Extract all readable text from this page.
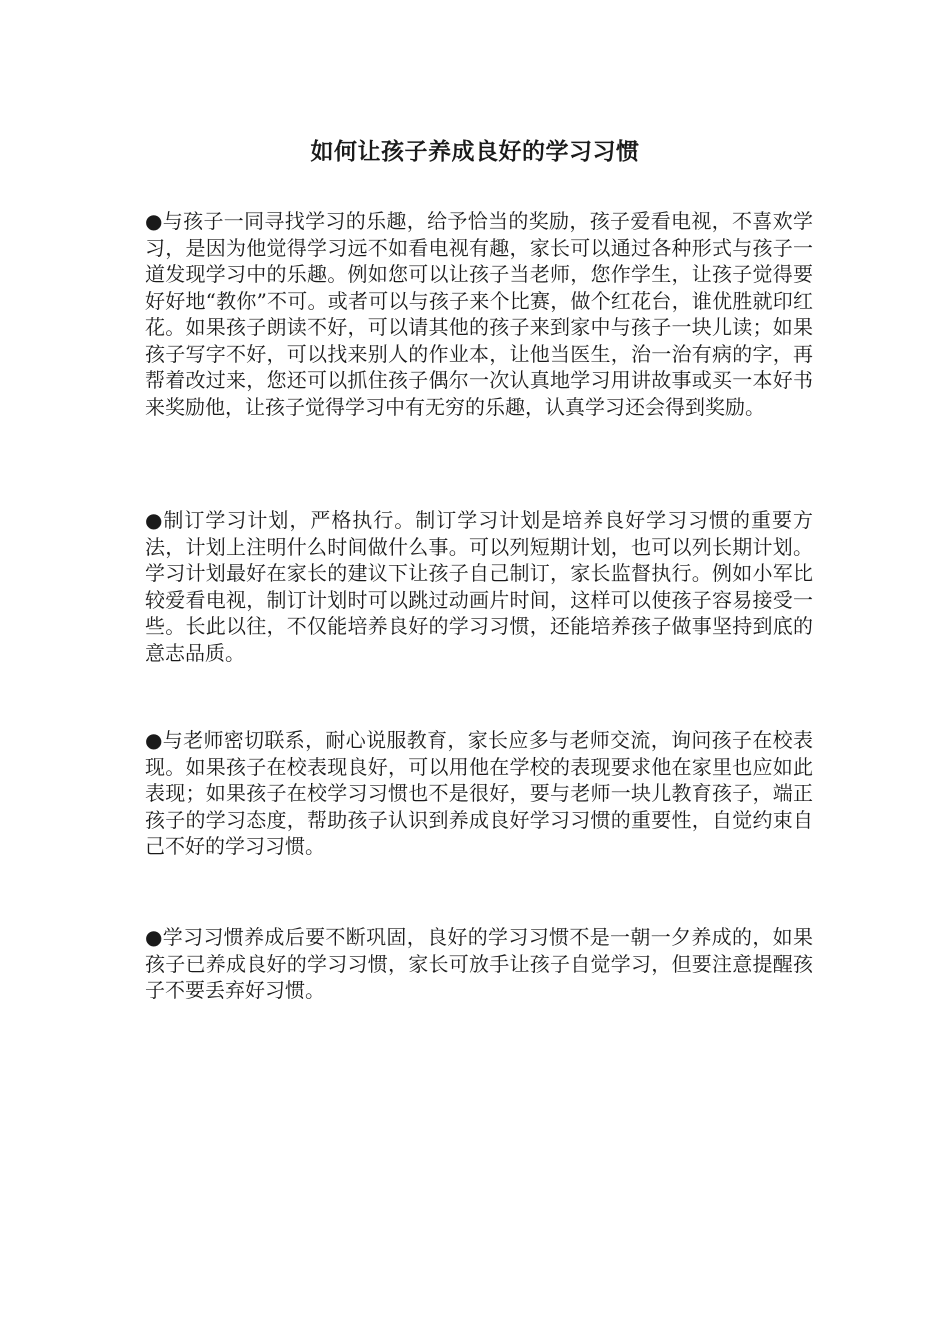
如何让孩子养成良好的学习习惯

●与孩子一同寻找学习的乐趣，给予恰当的奖励，孩子爱看电视，不喜欢学习，是因为他觉得学习远不如看电视有趣，家长可以通过各种形式与孩子一道发现学习中的乐趣。例如您可以让孩子当老师，您作学生，让孩子觉得要好好地“教你”不可。或者可以与孩子来个比赛，做个红花台，谁优胜就印红花。如果孩子朗读不好，可以请其他的孩子来到家中与孩子一块儿读；如果孩子写字不好，可以找来别人的作业本，让他当医生，治一治有病的字，再帮着改过来，您还可以抓住孩子偶尔一次认真地学习用讲故事或买一本好书来奖励他，让孩子觉得学习中有无穷的乐趣，认真学习还会得到奖励。

●制订学习计划，严格执行。制订学习计划是培养良好学习习惯的重要方法，计划上注明什么时间做什么事。可以列短期计划，也可以列长期计划。学习计划最好在家长的建议下让孩子自己制订，家长监督执行。例如小军比较爱看电视，制订计划时可以跳过动画片时间，这样可以使孩子容易接受一些。长此以往，不仅能培养良好的学习习惯，还能培养孩子做事坚持到底的意志品质。

●与老师密切联系，耐心说服教育，家长应多与老师交流，询问孩子在校表现。如果孩子在校表现良好，可以用他在学校的表现要求他在家里也应如此表现；如果孩子在校学习习惯也不是很好，要与老师一块儿教育孩子，端正孩子的学习态度，帮助孩子认识到养成良好学习习惯的重要性，自觉约束自己不好的学习习惯。

●学习习惯养成后要不断巩固，良好的学习习惯不是一朝一夕养成的，如果孩子已养成良好的学习习惯，家长可放手让孩子自觉学习，但要注意提醒孩子不要丢弃好习惯。
